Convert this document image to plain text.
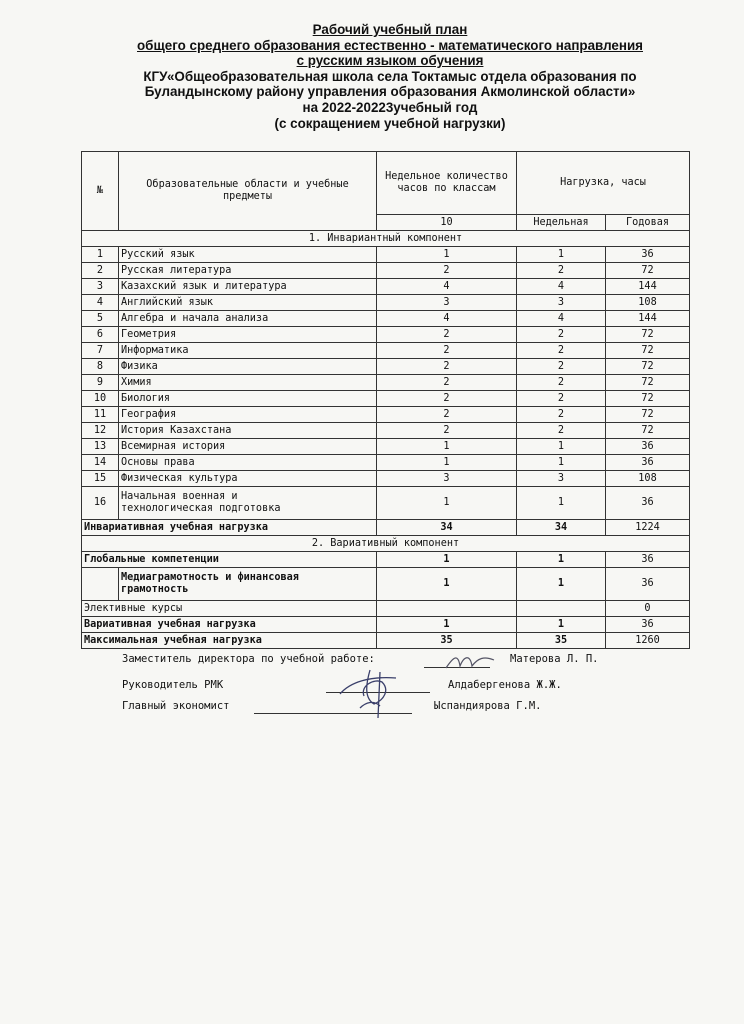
Рабочий учебный план
общего среднего образования естественно - математического направления
с русским языком обучения
КГУ«Общеобразовательная школа села Токтамыс отдела образования по
Буландынскому району управления образования Акмолинской области»
на 2022-20223учебный год
(с сокращением учебной нагрузки)
№	Образовательные области и учебные предметы	Недельное количество часов по классам	Нагрузка, часы	
		10	Недельная	Годовая
1. Инвариантный компонент				
1	Русский язык	1	1	36
2	Русская литература	2	2	72
3	Казахский язык и литература	4	4	144
4	Английский язык	3	3	108
5	Алгебра и начала анализа	4	4	144
6	Геометрия	2	2	72
7	Информатика	2	2	72
8	Физика	2	2	72
9	Химия	2	2	72
10	Биология	2	2	72
11	География	2	2	72
12	История Казахстана	2	2	72
13	Всемирная история	1	1	36
14	Основы права	1	1	36
15	Физическая культура	3	3	108
16	Начальная военная и
технологическая подготовка	1	1	36
Инвариативная учебная нагрузка		34	34	1224
2. Вариативный компонент				
Глобальные компетенции		1	1	36

	Медиаграмотность и финансовая
грамотность	1	1	36
Элективные курсы				0
Вариативная учебная нагрузка		1	1	36
Максимальная учебная нагрузка		35	35	1260
Заместитель директора по учебной работе:	Матерова Л. П.
Руководитель РМК	Алдабергенова Ж.Ж.
Главный экономист	Ыспандиярова Г.М.
